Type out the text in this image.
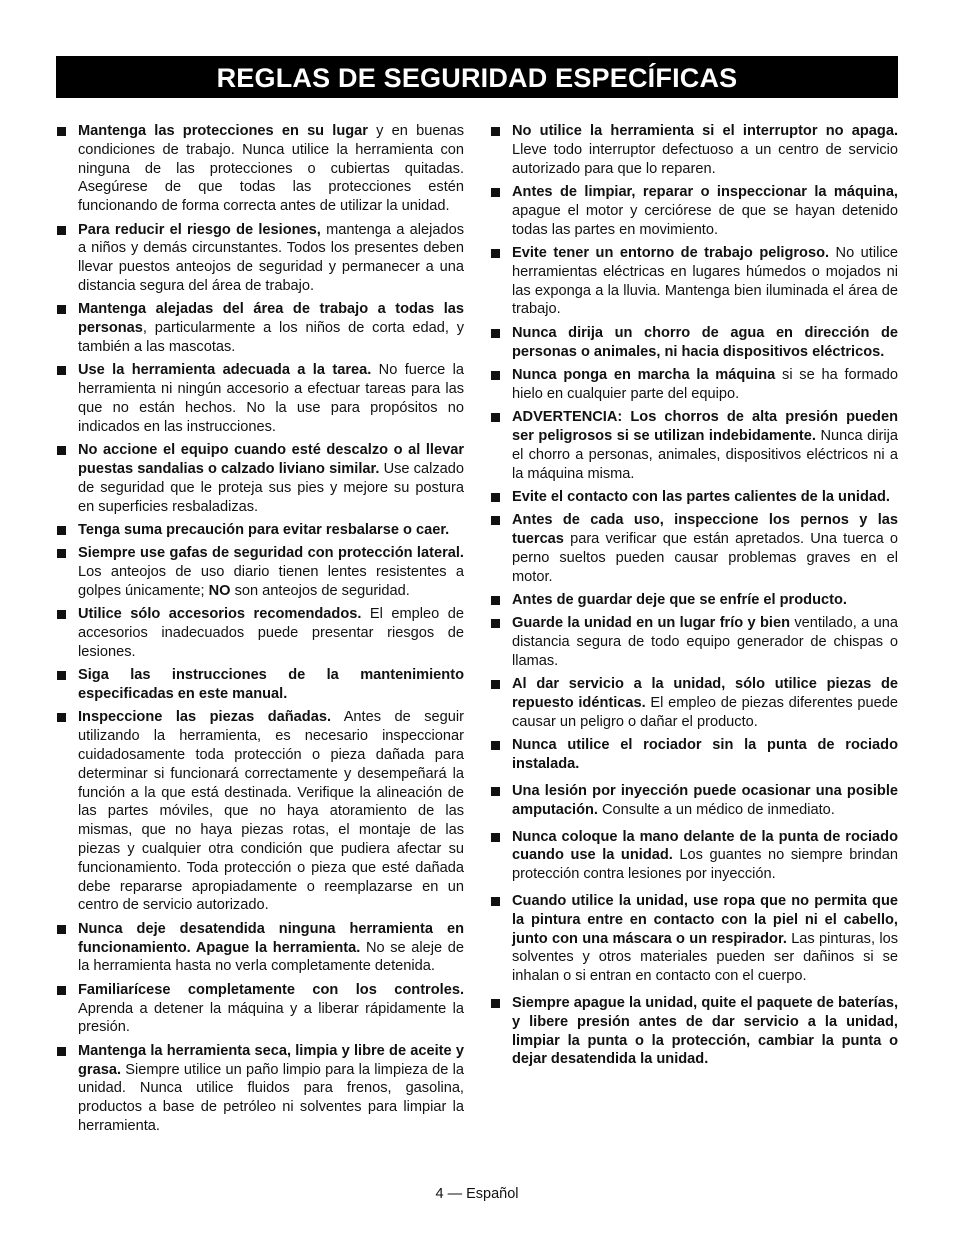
REGLAS DE SEGURIDAD ESPECÍFICAS
Mantenga las protecciones en su lugar y en buenas condiciones de trabajo. Nunca utilice la herramienta con ninguna de las protecciones o cubiertas quitadas. Asegúrese de que todas las protecciones estén funcionando de forma correcta antes de utilizar la unidad.
Para reducir el riesgo de lesiones, mantenga a alejados a niños y demás circunstantes. Todos los presentes deben llevar puestos anteojos de seguridad y permanecer a una distancia segura del área de trabajo.
Mantenga alejadas del área de trabajo a todas las personas, particularmente a los niños de corta edad, y también a las mascotas.
Use la herramienta adecuada a la tarea. No fuerce la herramienta ni ningún accesorio a efectuar tareas para las que no están hechos. No la use para propósitos no indicados en las instrucciones.
No accione el equipo cuando esté descalzo o al llevar puestas sandalias o calzado liviano similar. Use calzado de seguridad que le proteja sus pies y mejore su postura en superficies resbaladizas.
Tenga suma precaución para evitar resbalarse o caer.
Siempre use gafas de seguridad con protección lateral. Los anteojos de uso diario tienen lentes resistentes a golpes únicamente; NO son anteojos de seguridad.
Utilice sólo accesorios recomendados. El empleo de accesorios inadecuados puede presentar riesgos de lesiones.
Siga las instrucciones de la mantenimiento especificadas en este manual.
Inspeccione las piezas dañadas. Antes de seguir utilizando la herramienta, es necesario inspeccionar cuidadosamente toda protección o pieza dañada para determinar si funcionará correctamente y desempeñará la función a la que está destinada. Verifique la alineación de las partes móviles, que no haya atoramiento de las mismas, que no haya piezas rotas, el montaje de las piezas y cualquier otra condición que pudiera afectar su funcionamiento. Toda protección o pieza que esté dañada debe repararse apropiadamente o reemplazarse en un centro de servicio autorizado.
Nunca deje desatendida ninguna herramienta en funcionamiento. Apague la herramienta. No se aleje de la herramienta hasta no verla completamente detenida.
Familiarícese completamente con los controles. Aprenda a detener la máquina y a liberar rápidamente la presión.
Mantenga la herramienta seca, limpia y libre de aceite y grasa. Siempre utilice un paño limpio para la limpieza de la unidad. Nunca utilice fluidos para frenos, gasolina, productos a base de petróleo ni solventes para limpiar la herramienta.
No utilice la herramienta si el interruptor no apaga. Lleve todo interruptor defectuoso a un centro de servicio autorizado para que lo reparen.
Antes de limpiar, reparar o inspeccionar la máquina, apague el motor y cerciórese de que se hayan detenido todas las partes en movimiento.
Evite tener un entorno de trabajo peligroso. No utilice herramientas eléctricas en lugares húmedos o mojados ni las exponga a la lluvia. Mantenga bien iluminada el área de trabajo.
Nunca dirija un chorro de agua en dirección de personas o animales, ni hacia dispositivos eléctricos.
Nunca ponga en marcha la máquina si se ha formado hielo en cualquier parte del equipo.
ADVERTENCIA: Los chorros de alta presión pueden ser peligrosos si se utilizan indebidamente. Nunca dirija el chorro a personas, animales, dispositivos eléctricos ni a la máquina misma.
Evite el contacto con las partes calientes de la unidad.
Antes de cada uso, inspeccione los pernos y las tuercas para verificar que están apretados. Una tuerca o perno sueltos pueden causar problemas graves en el motor.
Antes de guardar deje que se enfríe el producto.
Guarde la unidad en un lugar frío y bien ventilado, a una distancia segura de todo equipo generador de chispas o llamas.
Al dar servicio a la unidad, sólo utilice piezas de repuesto idénticas. El empleo de piezas diferentes puede causar un peligro o dañar el producto.
Nunca utilice el rociador sin la punta de rociado instalada.
Una lesión por inyección puede ocasionar una posible amputación. Consulte a un médico de inmediato.
Nunca coloque la mano delante de la punta de rociado cuando use la unidad. Los guantes no siempre brindan protección contra lesiones por inyección.
Cuando utilice la unidad, use ropa que no permita que la pintura entre en contacto con la piel ni el cabello, junto con una máscara o un respirador. Las pinturas, los solventes y otros materiales pueden ser dañinos si se inhalan o si entran en contacto con el cuerpo.
Siempre apague la unidad, quite el paquete de baterías, y libere presión antes de dar servicio a la unidad, limpiar la punta o la protección, cambiar la punta o dejar desatendida la unidad.
4 — Español
